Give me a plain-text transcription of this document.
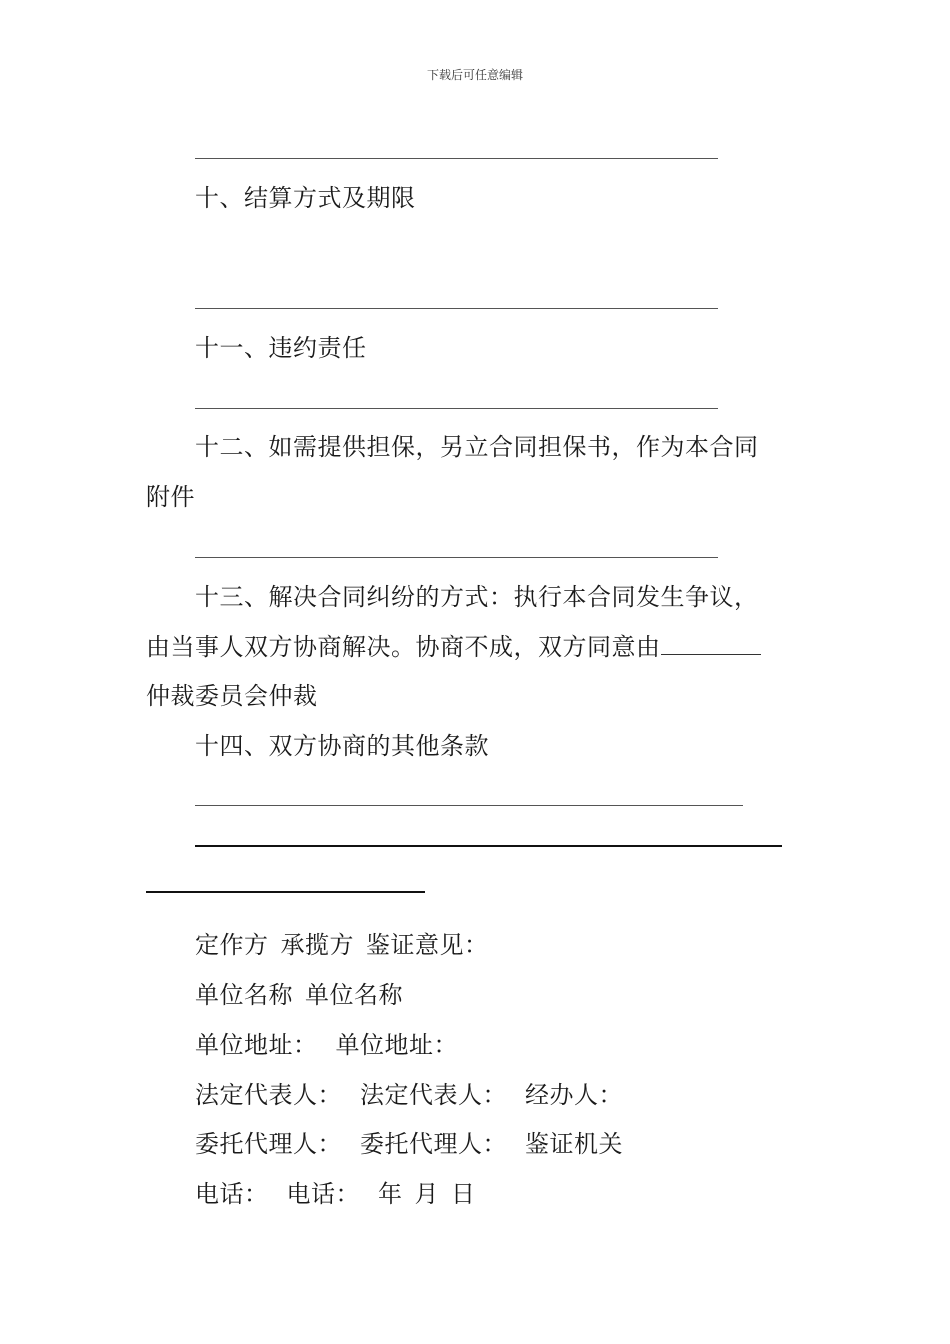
下载后可任意编辑
十、结算方式及期限
十一、违约责任
十二、如需提供担保，另立合同担保书，作为本合同
附件
十三、解决合同纠纷的方式：执行本合同发生争议，
由当事人双方协商解决。协商不成，双方同意由
仲裁委员会仲裁
十四、双方协商的其他条款
定作方 承揽方 鉴证意见：
单位名称 单位名称
单位地址： 单位地址：
法定代表人： 法定代表人： 经办人：
委托代理人： 委托代理人： 鉴证机关
电话： 电话： 年 月 日
